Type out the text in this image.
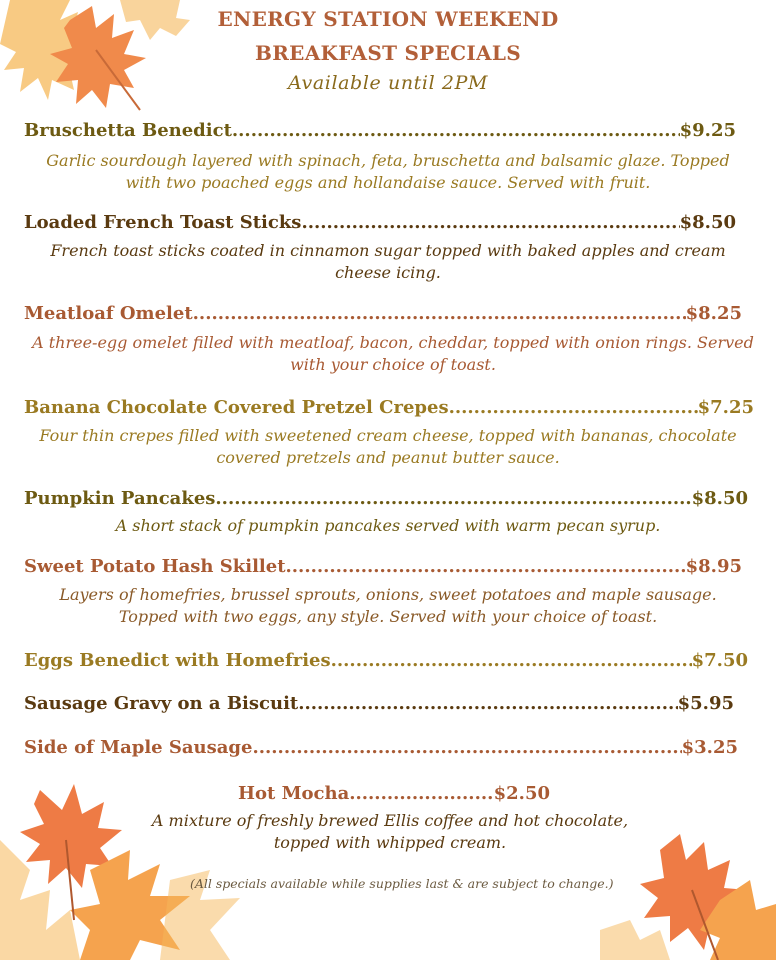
ENERGY STATION WEEKEND
BREAKFAST SPECIALS
Available until 2PM
Bruschetta Benedict .....	$9.25
Garlic sourdough layered with spinach, feta, bruschetta and balsamic glaze. Topped
with two poached eggs and hollandaise sauce. Served with fruit.
Loaded French Toast Sticks .....	$8.50
French toast sticks coated in cinnamon sugar topped with baked apples and cream
cheese icing.
Meatloaf Omelet .....	$8.25
A three-egg omelet filled with meatloaf, bacon, cheddar, topped with onion rings. Served
with your choice of toast.
Banana Chocolate Covered Pretzel Crepes .....	$7.25
Four thin crepes filled with sweetened cream cheese, topped with bananas, chocolate
covered pretzels and peanut butter sauce.
Pumpkin Pancakes .....	$8.50
A short stack of pumpkin pancakes served with warm pecan syrup.
Sweet Potato Hash Skillet .....	$8.95
Layers of homefries, brussel sprouts, onions, sweet potatoes and maple sausage.
Topped with two eggs, any style. Served with your choice of toast.
Eggs Benedict with Homefries .....	$7.50
Sausage Gravy on a Biscuit .....	$5.95
Side of Maple Sausage .....	$3.25
Hot Mocha .....	$2.50
A mixture of freshly brewed Ellis coffee and hot chocolate,
topped with whipped cream.
(All specials available while supplies last & are subject to change.)
